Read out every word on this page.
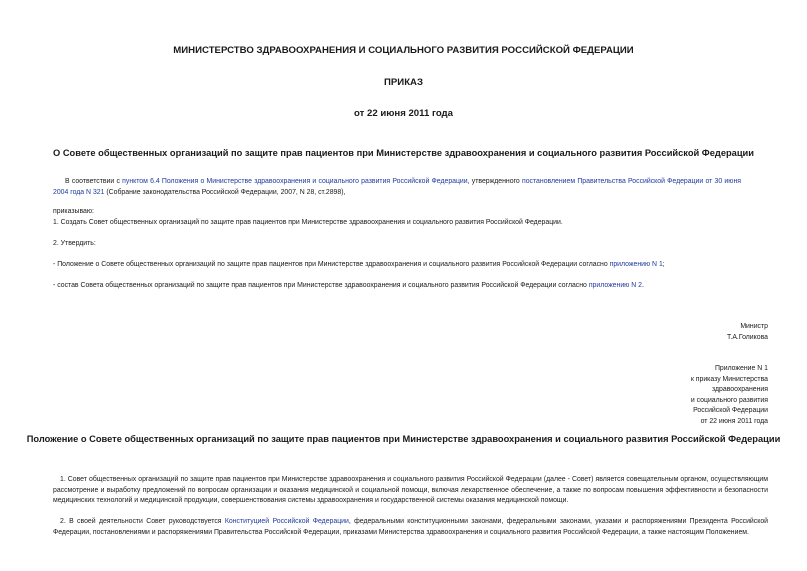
МИНИСТЕРСТВО ЗДРАВООХРАНЕНИЯ И СОЦИАЛЬНОГО РАЗВИТИЯ РОССИЙСКОЙ ФЕДЕРАЦИИ
ПРИКАЗ
от 22 июня 2011 года
О Совете общественных организаций по защите прав пациентов при Министерстве здравоохранения и социального развития Российской Федерации
В соответствии с пунктом 6.4 Положения о Министерстве здравоохранения и социального развития Российской Федерации, утвержденного постановлением Правительства Российской Федерации от 30 июня 2004 года N 321 (Собрание законодательства Российской Федерации, 2007, N 28, ст.2898),
приказываю:
1. Создать Совет общественных организаций по защите прав пациентов при Министерстве здравоохранения и социального развития Российской Федерации.
2. Утвердить:
- Положение о Совете общественных организаций по защите прав пациентов при Министерстве здравоохранения и социального развития Российской Федерации согласно приложению N 1;
- состав Совета общественных организаций по защите прав пациентов при Министерстве здравоохранения и социального развития Российской Федерации согласно приложению N 2.
Министр
Т.А.Голикова
Приложение N 1
к приказу Министерства
здравоохранения
и социального развития
Российской Федерации
от 22 июня 2011 года
Положение о Совете общественных организаций по защите прав пациентов при Министерстве здравоохранения и социального развития Российской Федерации
1. Совет общественных организаций по защите прав пациентов при Министерстве здравоохранения и социального развития Российской Федерации (далее - Совет) является совещательным органом, осуществляющим рассмотрение и выработку предложений по вопросам организации и оказания медицинской и социальной помощи, включая лекарственное обеспечение, а также по вопросам повышения эффективности и безопасности медицинских технологий и медицинской продукции, совершенствования системы здравоохранения и государственной системы оказания медицинской помощи.
2. В своей деятельности Совет руководствуется Конституцией Российской Федерации, федеральными конституционными законами, федеральными законами, указами и распоряжениями Президента Российской Федерации, постановлениями и распоряжениями Правительства Российской Федерации, приказами Министерства здравоохранения и социального развития Российской Федерации, а также настоящим Положением.
